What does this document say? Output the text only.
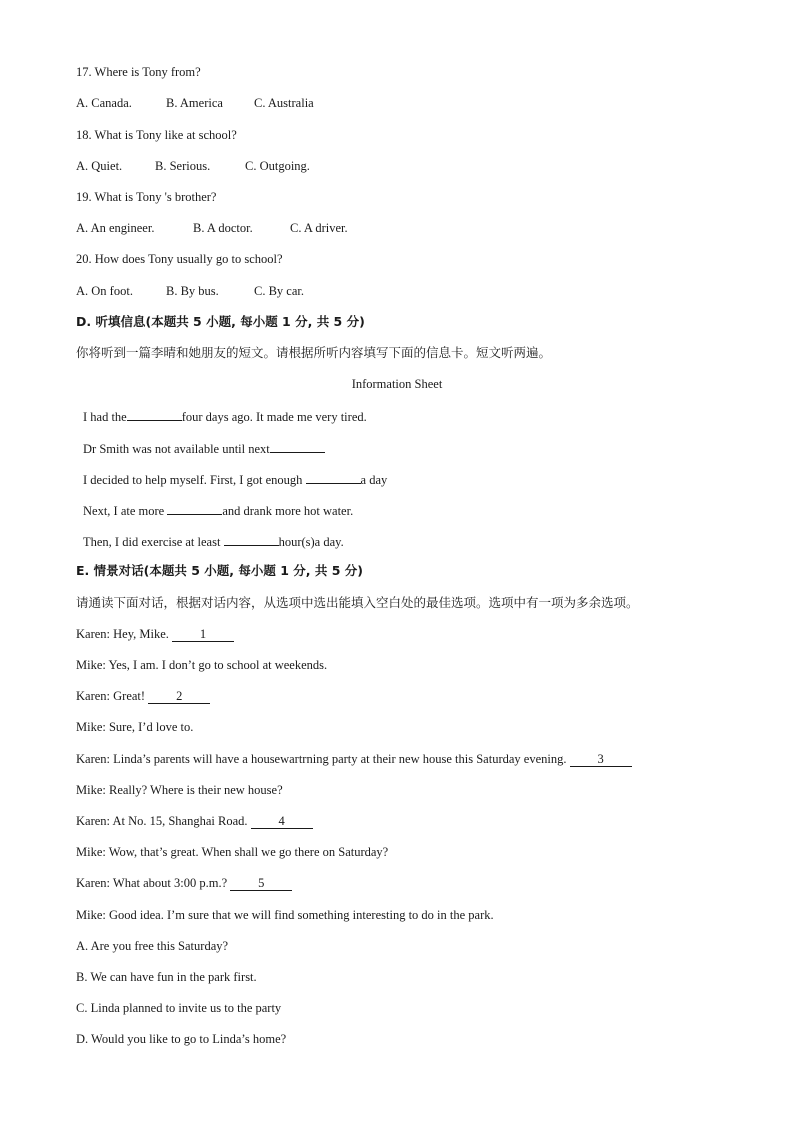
17. Where is Tony from?
A. Canada.	B. America C. Australia
18. What is Tony like at school?
A. Quiet.	B. Serious.	C. Outgoing.
19. What is Tony 's brother?
A. An engineer.	B. A doctor.	C. A driver.
20. How does Tony usually go to school?
A. On foot.	B. By bus.	C. By car.
D. 听填信息(本题共 5 小题, 每小题 1 分, 共 5 分)
你将听到一篇李晴和她朋友的短文。请根据所听内容填写下面的信息卡。短文听两遍。
Information Sheet
I had the	four days ago. It made me very tired.
Dr Smith was not available until next
I decided to help myself. First, I got enough	a day
Next, I ate more	and drank more hot water.
Then, I did exercise at least	hour(s)a day.
E. 情景对话(本题共 5 小题, 每小题 1 分, 共 5 分)
请通读下面对话，根据对话内容，从选项中选出能填入空白处的最佳选项。选项中有一项为多余选项。
Karen: Hey, Mike. 1
Mike: Yes, I am. I don’t go to school at weekends.
Karen: Great! 2
Mike: Sure, I’d love to.
Karen: Linda’s parents will have a housewartrning party at their new house this Saturday evening. 3
Mike: Really? Where is their new house?
Karen: At No. 15, Shanghai Road. 4
Mike: Wow, that’s great. When shall we go there on Saturday?
Karen: What about 3:00 p.m.? 5
Mike: Good idea. I’m sure that we will find something interesting to do in the park.
A. Are you free this Saturday?
B. We can have fun in the park first.
C. Linda planned to invite us to the party
D. Would you like to go to Linda’s home?
